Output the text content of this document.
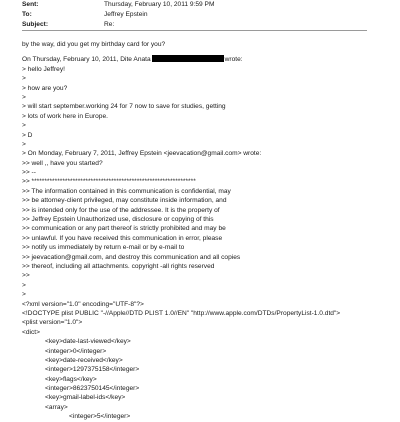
Sent:	Thursday, February 10, 2011 9:59 PM
To:	Jeffrey Epstein
Subject:	Re:
by the way, did you get my birthday card for you?
On Thursday, February 10, 2011, Dite Anata	wrote:
> hello Jeffrey!
>
> how are you?
>
> will start september.working 24 for 7 now to save for studies, getting
> lots of work here in Europe.
>
> D
>
> On Monday, February 7, 2011, Jeffrey Epstein <jeevacation@gmail.com> wrote:
>> well ,, have you started?
>> --
>> ****************************************************************
>> The information contained in this communication is confidential, may
>> be attorney-client privileged, may constitute inside information, and
>> is intended only for the use of the addressee. It is the property of
>> Jeffrey Epstein Unauthorized use, disclosure or copying of this
>> communication or any part thereof is strictly prohibited and may be
>> unlawful. If you have received this communication in error, please
>> notify us immediately by return e-mail or by e-mail to
>> jeevacation@gmail.com, and destroy this communication and all copies
>> thereof, including all attachments. copyright -all rights reserved
>>
>
>
<?xml version="1.0" encoding="UTF-8"?>
<!DOCTYPE plist PUBLIC "-//Apple//DTD PLIST 1.0//EN" "http://www.apple.com/DTDs/PropertyList-1.0.dtd">
<plist version="1.0">
<dict>
<key>date-last-viewed</key>
<integer>0</integer>
<key>date-received</key>
<integer>1297375158</integer>
<key>flags</key>
<integer>8623750145</integer>
<key>gmail-label-ids</key>
<array>
<integer>5</integer>
